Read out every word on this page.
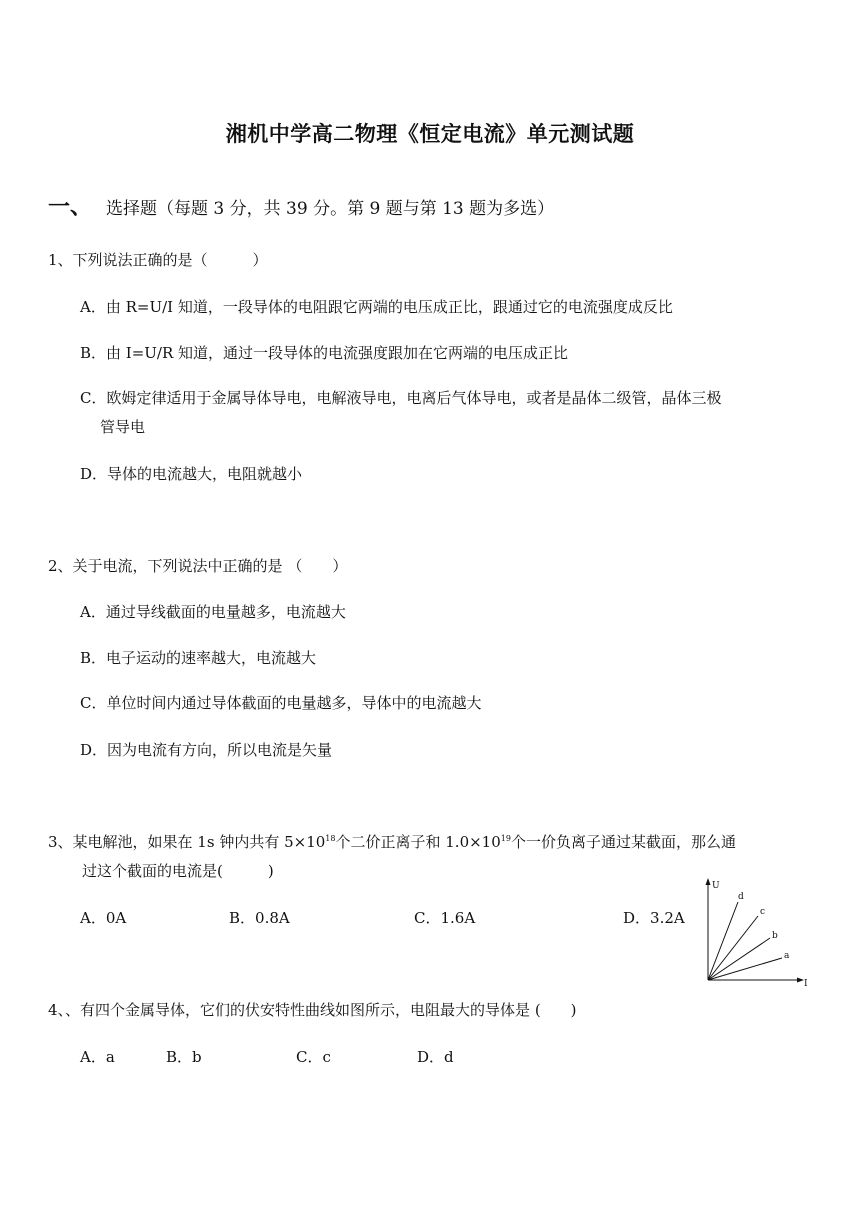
湘机中学高二物理《恒定电流》单元测试题
一、 选择题（每题 3 分，共 39 分。第 9 题与第 13 题为多选）
1、下列说法正确的是（　　　）
A．由 R=U/I 知道，一段导体的电阻跟它两端的电压成正比，跟通过它的电流强度成反比
B．由 I=U/R 知道，通过一段导体的电流强度跟加在它两端的电压成正比
C．欧姆定律适用于金属导体导电，电解液导电，电离后气体导电，或者是晶体二级管，晶体三极
管导电
D．导体的电流越大，电阻就越小
2、关于电流，下列说法中正确的是 （　　）
A．通过导线截面的电量越多，电流越大
B．电子运动的速率越大，电流越大
C．单位时间内通过导体截面的电量越多，导体中的电流越大
D．因为电流有方向，所以电流是矢量
3、某电解池，如果在 1s 钟内共有 $5\times 10^{18}$个二价正离子和 $1.0\times 10^{19}$个一价负离子通过某截面，那么通
过这个截面的电流是(　　　)
A．0A	B．0.8A	C．1.6A	D．3.2A
U
I
a
b
c
d
4、、有四个金属导体，它们的伏安特性曲线如图所示，电阻最大的导体是 (　　)
A．a	B．b	C．c	D．d
